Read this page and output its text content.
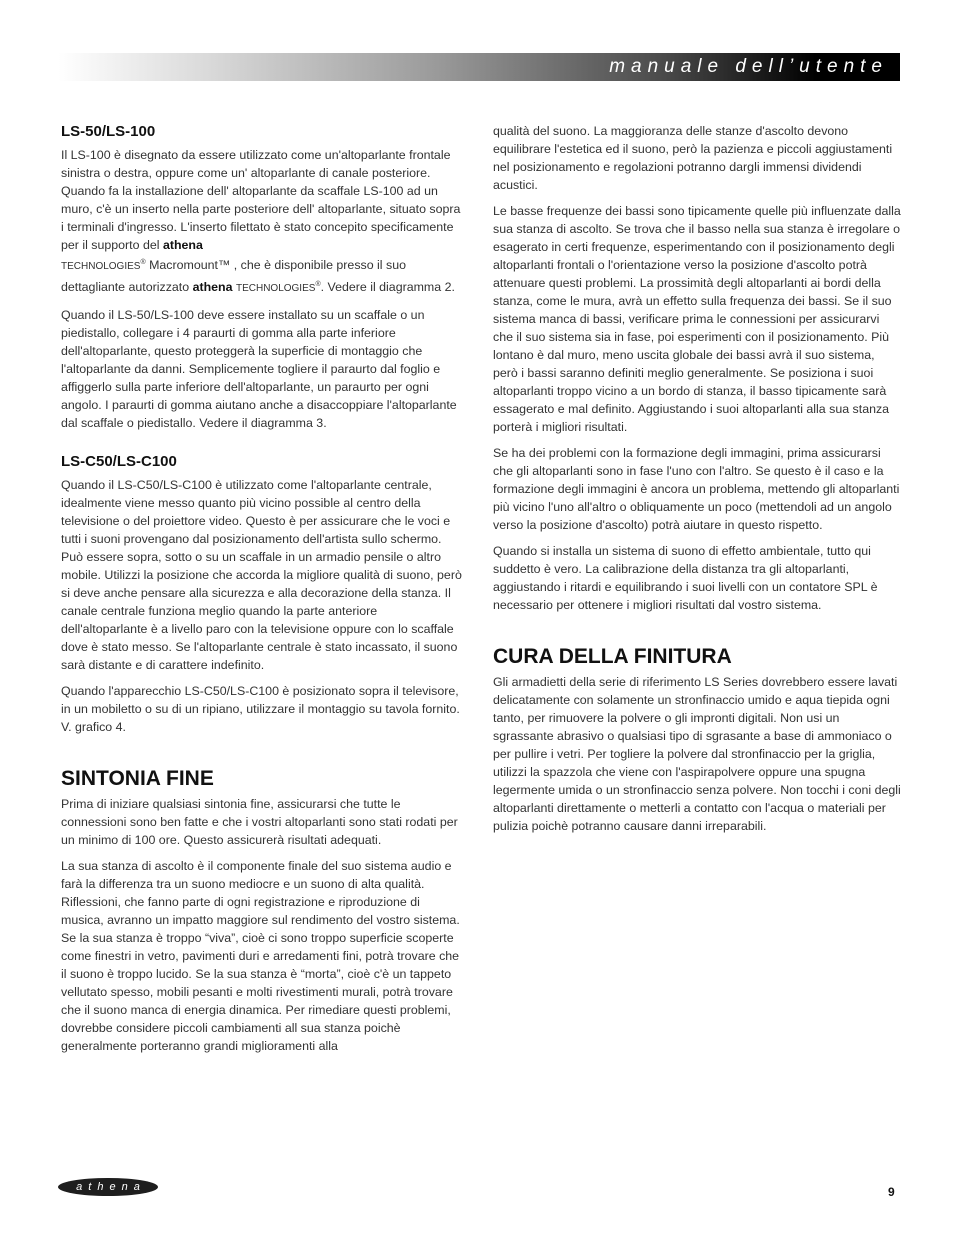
manuale dell’utente
LS-50/LS-100

Il LS-100 è disegnato da essere utilizzato come un'altoparlante frontale sinistra o destra, oppure come un' altoparlante di canale posteriore. Quando fa la installazione dell' altoparlante da scaffale LS-100 ad un muro, c'è un inserto nella parte posteriore dell' altoparlante, situato sopra i terminali d'ingresso. L'inserto filettato è stato concepito specificamente per il supporto del athena
TECHNOLOGIES® Macromount™ , che è disponibile presso il suo dettagliante autorizzato athena TECHNOLOGIES®. Vedere il diagramma 2.

Quando il LS-50/LS-100 deve essere installato su un scaffale o un piedistallo, collegare i 4 paraurti di gomma alla parte inferiore dell'altoparlante, questo proteggerà la superficie di montaggio che l'altoparlante da danni. Semplicemente togliere il paraurto dal foglio e affiggerlo sulla parte inferiore dell'altoparlante, un paraurto per ogni angolo. I paraurti di gomma aiutano anche a disaccoppiare l'altoparlante dal scaffale o piedistallo. Vedere il diagramma 3.

LS-C50/LS-C100

Quando il LS-C50/LS-C100 è utilizzato come l'altoparlante centrale, idealmente viene messo quanto più vicino possible al centro della televisione o del proiettore video. Questo è per assicurare che le voci e tutti i suoni provengano dal posizionamento dell'artista sullo schermo. Può essere sopra, sotto o su un scaffale in un armadio pensile o altro mobile. Utilizzi la posizione che accorda la migliore qualità di suono, però si deve anche pensare alla sicurezza e alla decorazione della stanza. Il canale centrale funziona meglio quando la parte anteriore dell'altoparlante è a livello paro con la televisione oppure con lo scaffale dove è stato messo. Se l'altoparlante centrale è stato incassato, il suono sarà distante e di carattere indefinito.

Quando l'apparecchio LS-C50/LS-C100 è posizionato sopra il televisore, in un mobiletto o su di un ripiano, utilizzare il montaggio su tavola fornito. V. grafico 4.

SINTONIA FINE

Prima di iniziare qualsiasi sintonia fine, assicurarsi che tutte le connessioni sono ben fatte e che i vostri altoparlanti sono stati rodati per un minimo di 100 ore. Questo assicurerà risultati adequati.

La sua stanza di ascolto è il componente finale del suo sistema audio e farà la differenza tra un suono mediocre e un suono di alta qualità. Riflessioni, che fanno parte di ogni registrazione e riproduzione di musica, avranno un impatto maggiore sul rendimento del vostro sistema. Se la sua stanza è troppo “viva”, cioè ci sono troppo superficie scoperte come finestri in vetro, pavimenti duri e arredamenti fini, potrà trovare che il suono è troppo lucido. Se la sua stanza è “morta”, cioè c'è un tappeto vellutato spesso, mobili pesanti e molti rivestimenti murali, potrà trovare che il suono manca di energia dinamica. Per rimediare questi problemi, dovrebbe considere piccoli cambiamenti all sua stanza poichè generalmente porteranno grandi miglioramenti alla

qualità del suono. La maggioranza delle stanze d'ascolto devono equilibrare l'estetica ed il suono, però la pazienza e piccoli aggiustamenti nel posizionamento e regolazioni potranno dargli immensi dividendi acustici.

Le basse frequenze dei bassi sono tipicamente quelle più influenzate dalla sua stanza di ascolto. Se trova che il basso nella sua stanza è irregolare o esagerato in certi frequenze, esperimentando con il posizionamento degli altoparlanti frontali o l'orientazione verso la posizione d'ascolto potrà attenuare questi problemi. La prossimità degli altoparlanti ai bordi della stanza, come le mura, avrà un effetto sulla frequenza dei bassi. Se il suo sistema manca di bassi, verificare prima le connessioni per assicurarvi che il suo sistema sia in fase, poi esperimenti con il posizionamento. Più lontano è dal muro, meno uscita globale dei bassi avrà il suo sistema, però i bassi saranno definiti meglio generalmente. Se posiziona i suoi altoparlanti troppo vicino a un bordo di stanza, il basso tipicamente sarà essagerato e mal definito. Aggiustando i suoi altoparlanti alla sua stanza porterà i migliori risultati.

Se ha dei problemi con la formazione degli immagini, prima assicurarsi che gli altoparlanti sono in fase l'uno con l'altro. Se questo è il caso e la formazione degli immagini è ancora un problema, mettendo gli altoparlanti più vicino l'uno all'altro o obliquamente un poco (mettendoli ad un angolo verso la posizione d'ascolto) potrà aiutare in questo rispetto.

Quando si installa un sistema di suono di effetto ambientale, tutto qui suddetto è vero. La calibrazione della distanza tra gli altoparlanti, aggiustando i ritardi e equilibrando i suoi livelli con un contatore SPL è necessario per ottenere i migliori risultati dal vostro sistema.

CURA DELLA FINITURA

Gli armadietti della serie di riferimento LS Series dovrebbero essere lavati delicatamente con solamente un stronfinaccio umido e aqua tiepida ogni tanto, per rimuovere la polvere o gli impronti digitali. Non usi un sgrassante abrasivo o qualsiasi tipo di sgrasante a base di ammoniaco o per pullire i vetri. Per togliere la polvere dal stronfinaccio per la griglia, utilizzi la spazzola che viene con l'aspirapolvere oppure una spugna legermente umida o un stronfinaccio senza polvere. Non tocchi i coni degli altoparlanti direttamente o metterli a contatto con l'acqua o materiali per pulizia poichè potranno causare danni irreparabili.

athena	9
